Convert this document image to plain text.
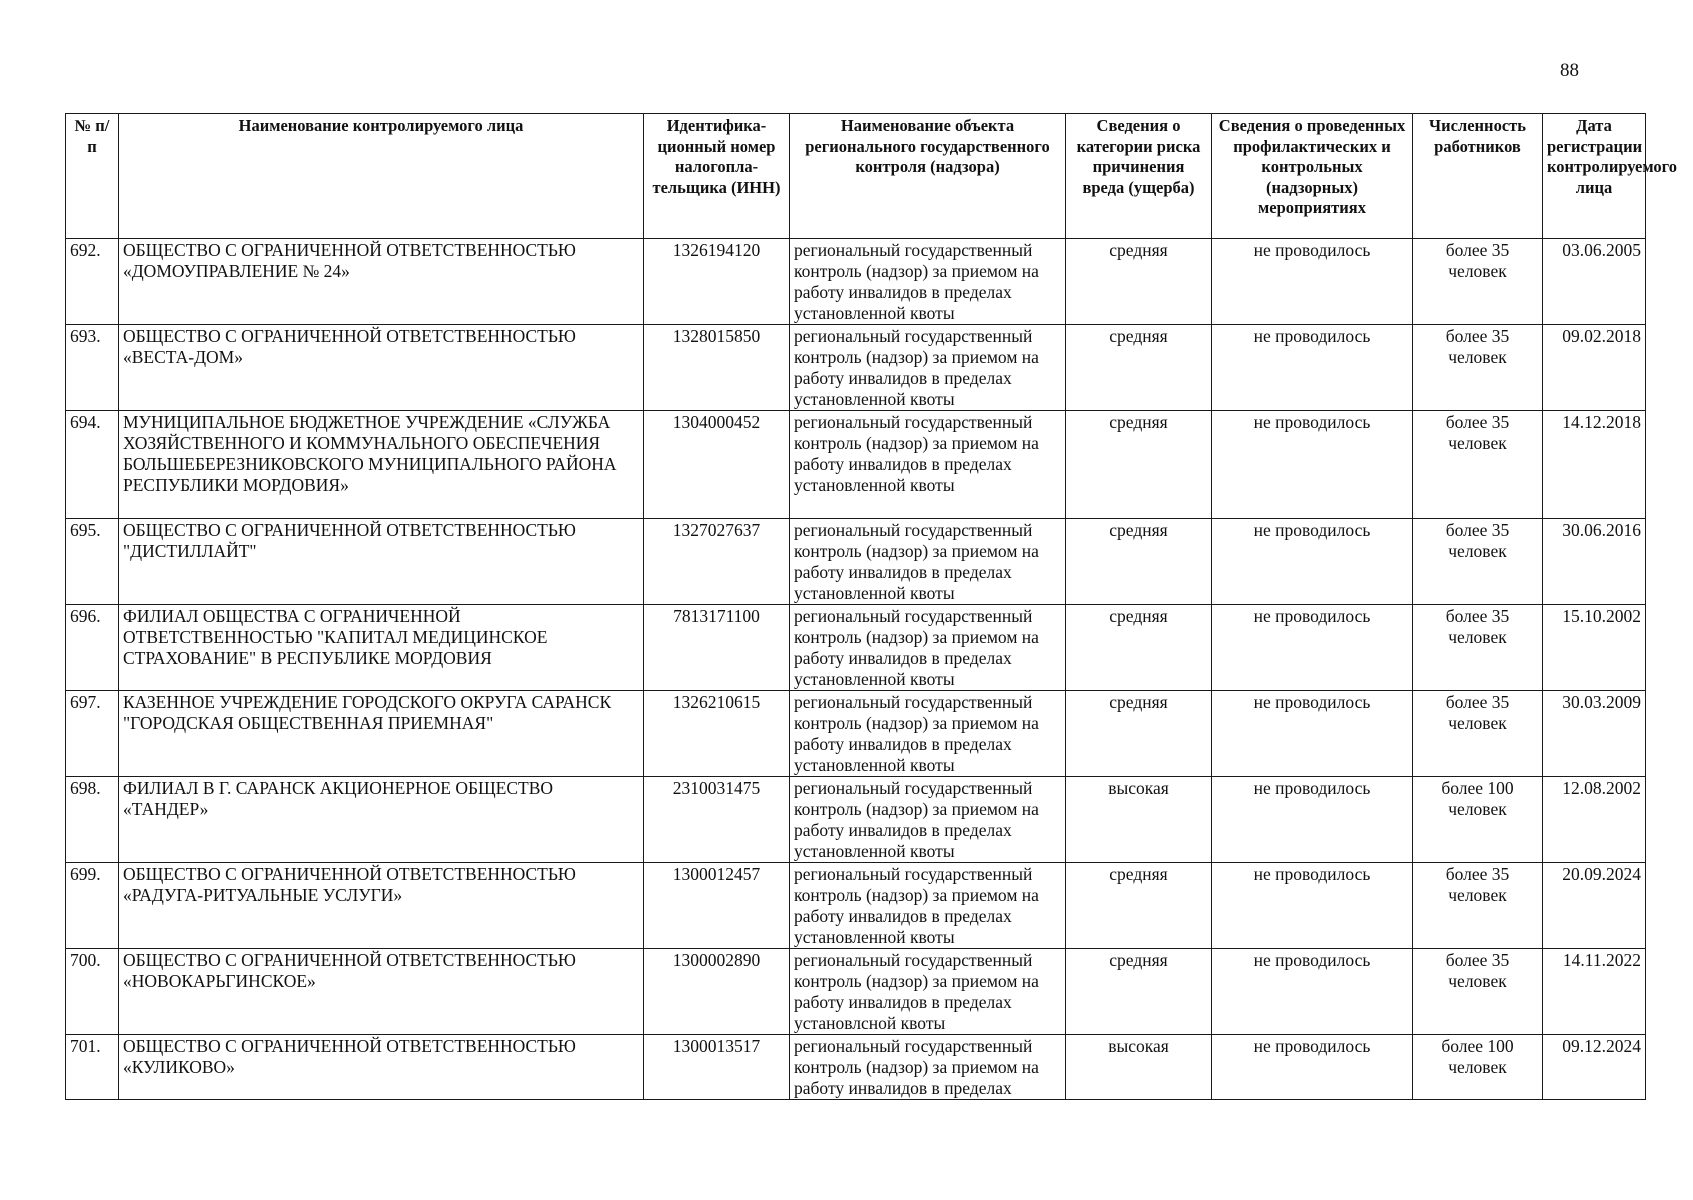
88
№ п/п	Наименование контролируемого лица	Идентифика-ционный номер налогопла-тельщика (ИНН)	Наименование объекта регионального государственного контроля (надзора)	Сведения о категории риска причинения вреда (ущерба)	Сведения о проведенных профилактических и контрольных (надзорных) мероприятиях	Численность работников	Дата регистрации контролируемого лица
692.	ОБЩЕСТВО С ОГРАНИЧЕННОЙ ОТВЕТСТВЕННОСТЬЮ «ДОМОУПРАВЛЕНИЕ № 24»	1326194120	региональный государственный контроль (надзор) за приемом на работу инвалидов в пределах установленной квоты	средняя	не проводилось	более 35 человек	03.06.2005
693.	ОБЩЕСТВО С ОГРАНИЧЕННОЙ ОТВЕТСТВЕННОСТЬЮ «ВЕСТА-ДОМ»	1328015850	региональный государственный контроль (надзор) за приемом на работу инвалидов в пределах установленной квоты	средняя	не проводилось	более 35 человек	09.02.2018
694.	МУНИЦИПАЛЬНОЕ БЮДЖЕТНОЕ УЧРЕЖДЕНИЕ «СЛУЖБА ХОЗЯЙСТВЕННОГО И КОММУНАЛЬНОГО ОБЕСПЕЧЕНИЯ БОЛЬШЕБЕРЕЗНИКОВСКОГО МУНИЦИПАЛЬНОГО РАЙОНА РЕСПУБЛИКИ МОРДОВИЯ»	1304000452	региональный государственный контроль (надзор) за приемом на работу инвалидов в пределах установленной квоты	средняя	не проводилось	более 35 человек	14.12.2018
695.	ОБЩЕСТВО С ОГРАНИЧЕННОЙ ОТВЕТСТВЕННОСТЬЮ "ДИСТИЛЛАЙТ"	1327027637	региональный государственный контроль (надзор) за приемом на работу инвалидов в пределах установленной квоты	средняя	не проводилось	более 35 человек	30.06.2016
696.	ФИЛИАЛ ОБЩЕСТВА С ОГРАНИЧЕННОЙ ОТВЕТСТВЕННОСТЬЮ "КАПИТАЛ МЕДИЦИНСКОЕ СТРАХОВАНИЕ" В РЕСПУБЛИКЕ МОРДОВИЯ	7813171100	региональный государственный контроль (надзор) за приемом на работу инвалидов в пределах установленной квоты	средняя	не проводилось	более 35 человек	15.10.2002
697.	КАЗЕННОЕ УЧРЕЖДЕНИЕ ГОРОДСКОГО ОКРУГА САРАНСК "ГОРОДСКАЯ ОБЩЕСТВЕННАЯ ПРИЕМНАЯ"	1326210615	региональный государственный контроль (надзор) за приемом на работу инвалидов в пределах установленной квоты	средняя	не проводилось	более 35 человек	30.03.2009
698.	ФИЛИАЛ В Г. САРАНСК АКЦИОНЕРНОЕ ОБЩЕСТВО «ТАНДЕР»	2310031475	региональный государственный контроль (надзор) за приемом на работу инвалидов в пределах установленной квоты	высокая	не проводилось	более 100 человек	12.08.2002
699.	ОБЩЕСТВО С ОГРАНИЧЕННОЙ ОТВЕТСТВЕННОСТЬЮ «РАДУГА-РИТУАЛЬНЫЕ УСЛУГИ»	1300012457	региональный государственный контроль (надзор) за приемом на работу инвалидов в пределах установленной квоты	средняя	не проводилось	более 35 человек	20.09.2024
700.	ОБЩЕСТВО С ОГРАНИЧЕННОЙ ОТВЕТСТВЕННОСТЬЮ «НОВОКАРЬГИНСКОЕ»	1300002890	региональный государственный контроль (надзор) за приемом на работу инвалидов в пределах установлсной квоты	средняя	не проводилось	более 35 человек	14.11.2022
701.	ОБЩЕСТВО С ОГРАНИЧЕННОЙ ОТВЕТСТВЕННОСТЬЮ «КУЛИКОВО»	1300013517	региональный государственный контроль (надзор) за приемом на работу инвалидов в пределах	высокая	не проводилось	более 100 человек	09.12.2024
